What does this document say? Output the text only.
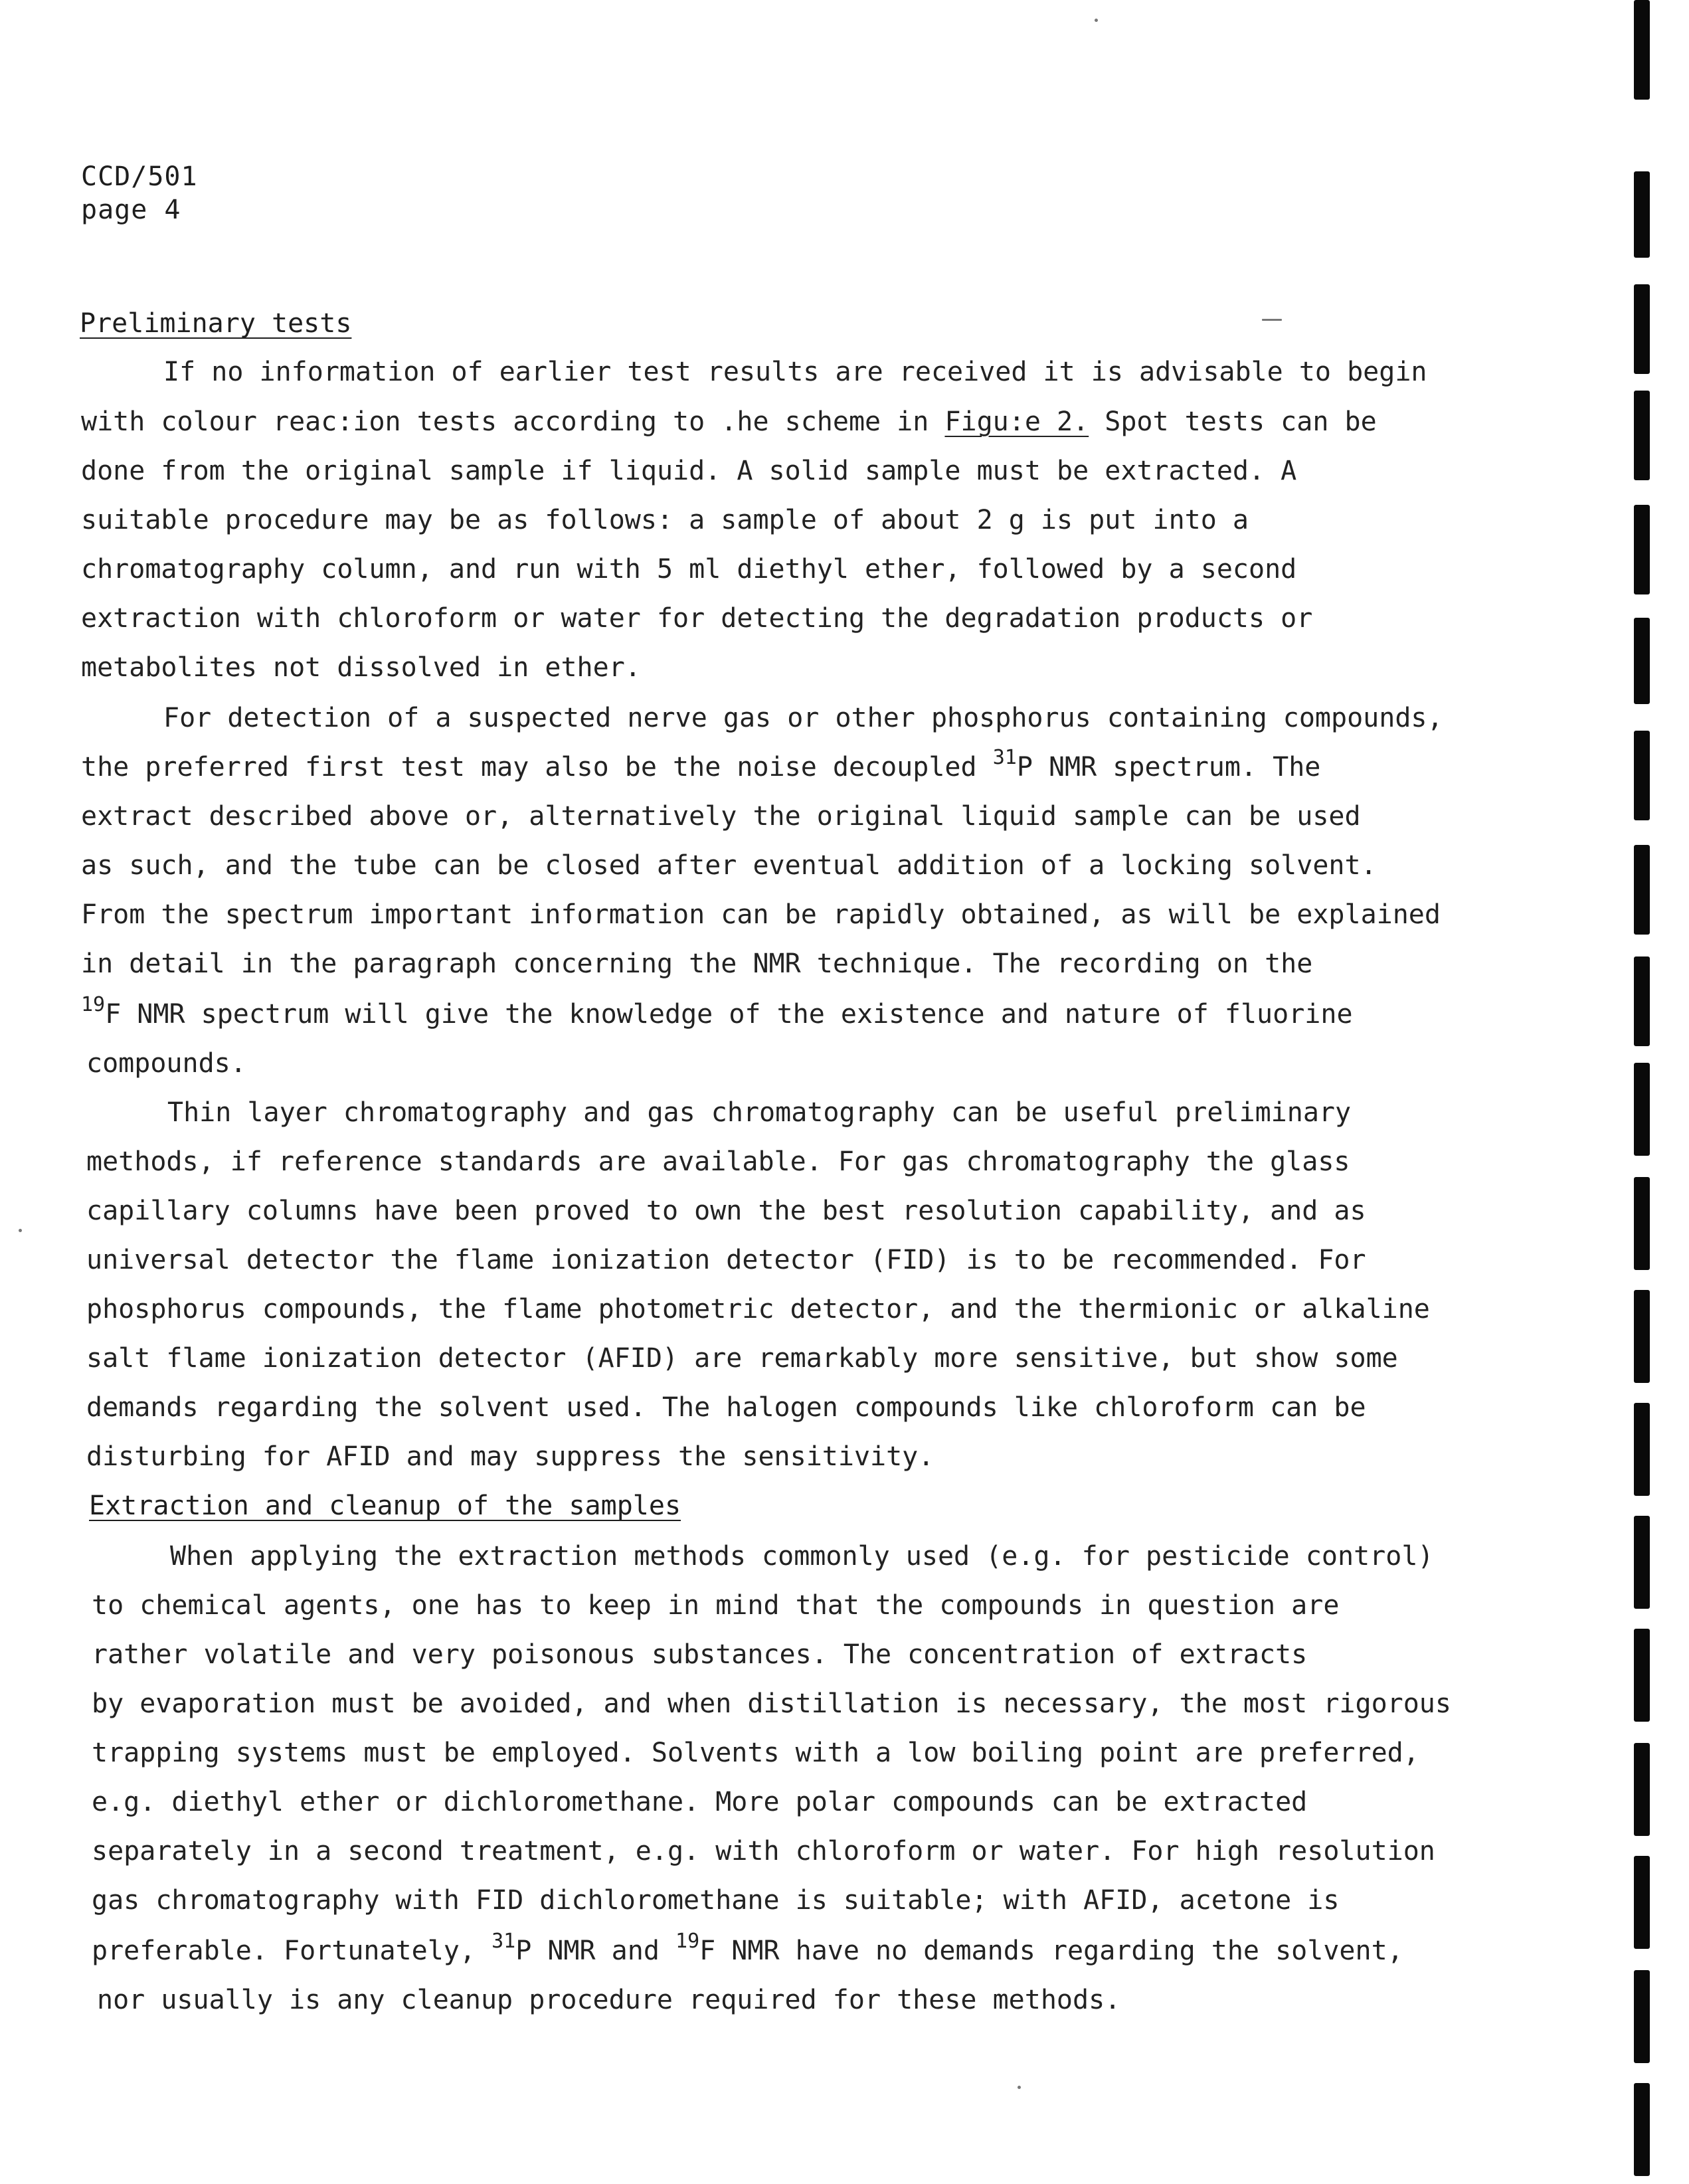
CCD/501
page 4
Preliminary tests
If no information of earlier test results are received it is advisable to begin
with colour reac:ion tests according to .he scheme in Figu:e 2. Spot tests can be
done from the original sample if liquid. A solid sample must be extracted. A
suitable procedure may be as follows: a sample of about 2 g is put into a
chromatography column, and run with 5 ml diethyl ether, followed by a second
extraction with chloroform or water for detecting the degradation products or
metabolites not dissolved in ether.
For detection of a suspected nerve gas or other phosphorus containing compounds,
the preferred first test may also be the noise decoupled $^{31}$P NMR spectrum. The
extract described above or, alternatively the original liquid sample can be used
as such, and the tube can be closed after eventual addition of a locking solvent.
From the spectrum important information can be rapidly obtained, as will be explained
in detail in the paragraph concerning the NMR technique. The recording on the
$^{19}$F NMR spectrum will give the knowledge of the existence and nature of fluorine
compounds.
Thin layer chromatography and gas chromatography can be useful preliminary
methods, if reference standards are available. For gas chromatography the glass
capillary columns have been proved to own the best resolution capability, and as
universal detector the flame ionization detector (FID) is to be recommended. For
phosphorus compounds, the flame photometric detector, and the thermionic or alkaline
salt flame ionization detector (AFID) are remarkably more sensitive, but show some
demands regarding the solvent used. The halogen compounds like chloroform can be
disturbing for AFID and may suppress the sensitivity.
Extraction and cleanup of the samples
When applying the extraction methods commonly used (e.g. for pesticide control)
to chemical agents, one has to keep in mind that the compounds in question are
rather volatile and very poisonous substances. The concentration of extracts
by evaporation must be avoided, and when distillation is necessary, the most rigorous
trapping systems must be employed. Solvents with a low boiling point are preferred,
e.g. diethyl ether or dichloromethane. More polar compounds can be extracted
separately in a second treatment, e.g. with chloroform or water. For high resolution
gas chromatography with FID dichloromethane is suitable; with AFID, acetone is
preferable. Fortunately, $^{31}$P NMR and $^{19}$F NMR have no demands regarding the solvent,
nor usually is any cleanup procedure required for these methods.
